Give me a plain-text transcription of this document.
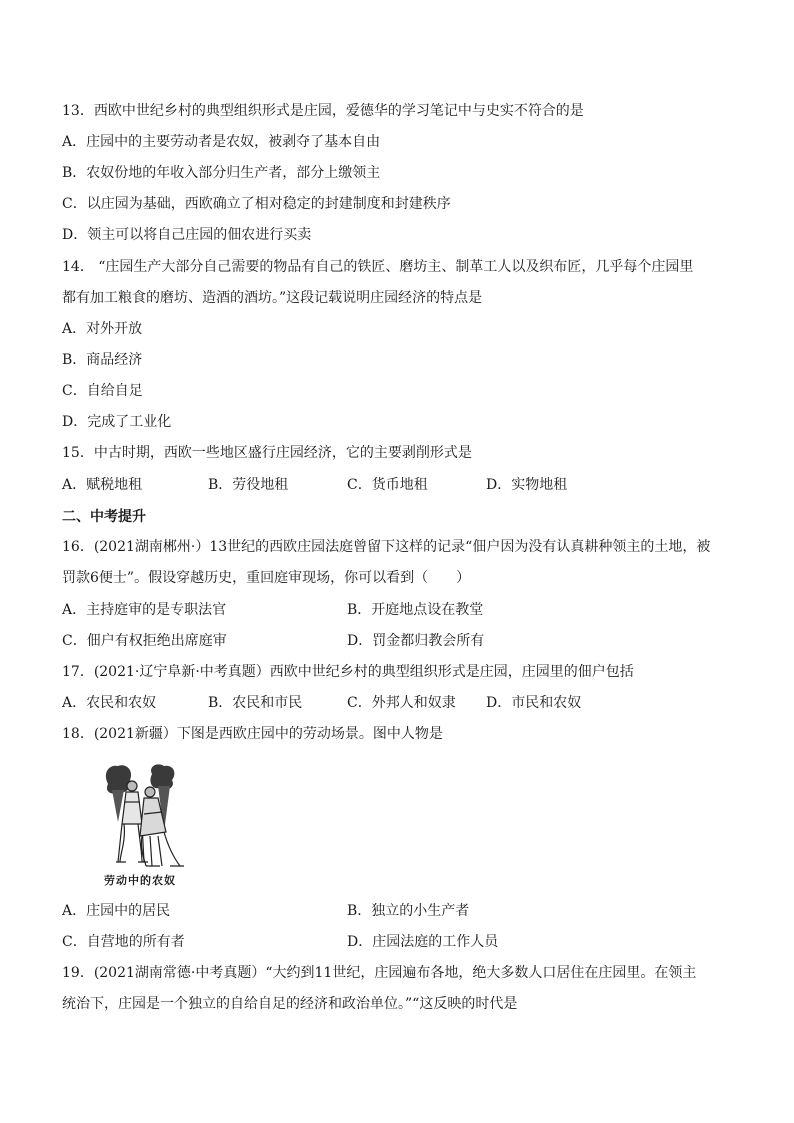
13．西欧中世纪乡村的典型组织形式是庄园，爱德华的学习笔记中与史实不符合的是
A．庄园中的主要劳动者是农奴，被剥夺了基本自由
B．农奴份地的年收入部分归生产者，部分上缴领主
C．以庄园为基础，西欧确立了相对稳定的封建制度和封建秩序
D．领主可以将自己庄园的佃农进行买卖
14． “庄园生产大部分自己需要的物品有自己的铁匠、磨坊主、制革工人以及织布匠，几乎每个庄园里
都有加工粮食的磨坊、造酒的酒坊。”这段记载说明庄园经济的特点是
A．对外开放
B．商品经济
C．自给自足
D．完成了工业化
15．中古时期，西欧一些地区盛行庄园经济，它的主要剥削形式是
A．赋税地租	B．劳役地租	C．货币地租	D．实物地租
二、中考提升
16．(2021湖南郴州·）13世纪的西欧庄园法庭曾留下这样的记录“佃户因为没有认真耕种领主的土地，被
罚款6便士”。假设穿越历史，重回庭审现场，你可以看到（　　）
A．主持庭审的是专职法官	B．开庭地点设在教堂
C．佃户有权拒绝出席庭审	D．罚金都归教会所有
17．(2021·辽宁阜新·中考真题）西欧中世纪乡村的典型组织形式是庄园，庄园里的佃户包括
A．农民和农奴	B．农民和市民	C．外邦人和奴隶 D．市民和农奴
18．(2021新疆）下图是西欧庄园中的劳动场景。图中人物是
劳动中的农奴
A．庄园中的居民	B．独立的小生产者
C．自营地的所有者	D．庄园法庭的工作人员
19．(2021湖南常德·中考真题）“大约到11世纪，庄园遍布各地，绝大多数人口居住在庄园里。在领主
统治下，庄园是一个独立的自给自足的经济和政治单位。”“这反映的时代是
